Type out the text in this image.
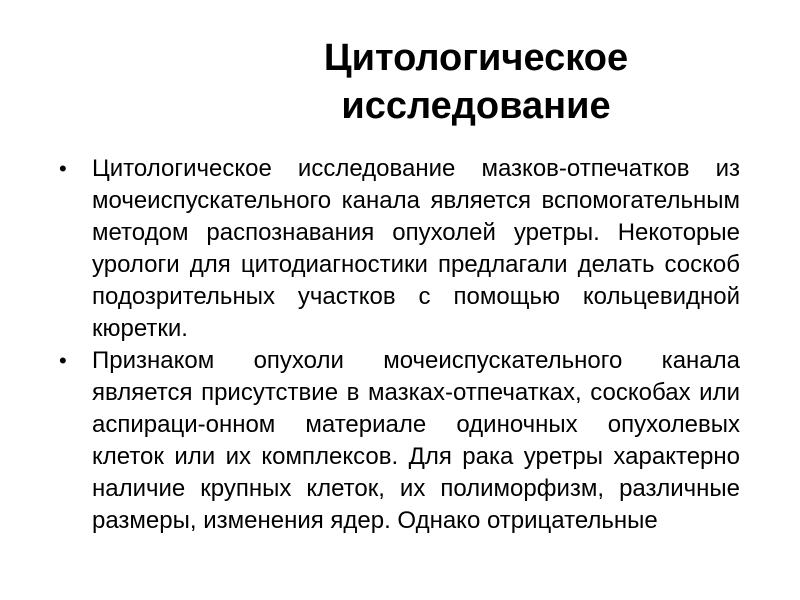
Цитологическое исследование
• Цитологическое исследование мазков-отпечатков из мочеиспускательного канала является вспомогательным методом распознавания опухолей уретры. Некоторые урологи для цитодиагностики предлагали делать соскоб подозрительных участков с помощью кольцевидной кюретки.
• Признаком опухоли мочеиспускательного канала является присутствие в мазках-отпечатках, соскобах или аспираци-онном материале одиночных опухолевых клеток или их комплексов. Для рака уретры характерно наличие крупных клеток, их полиморфизм, различные размеры, изменения ядер. Однако отрицательные
